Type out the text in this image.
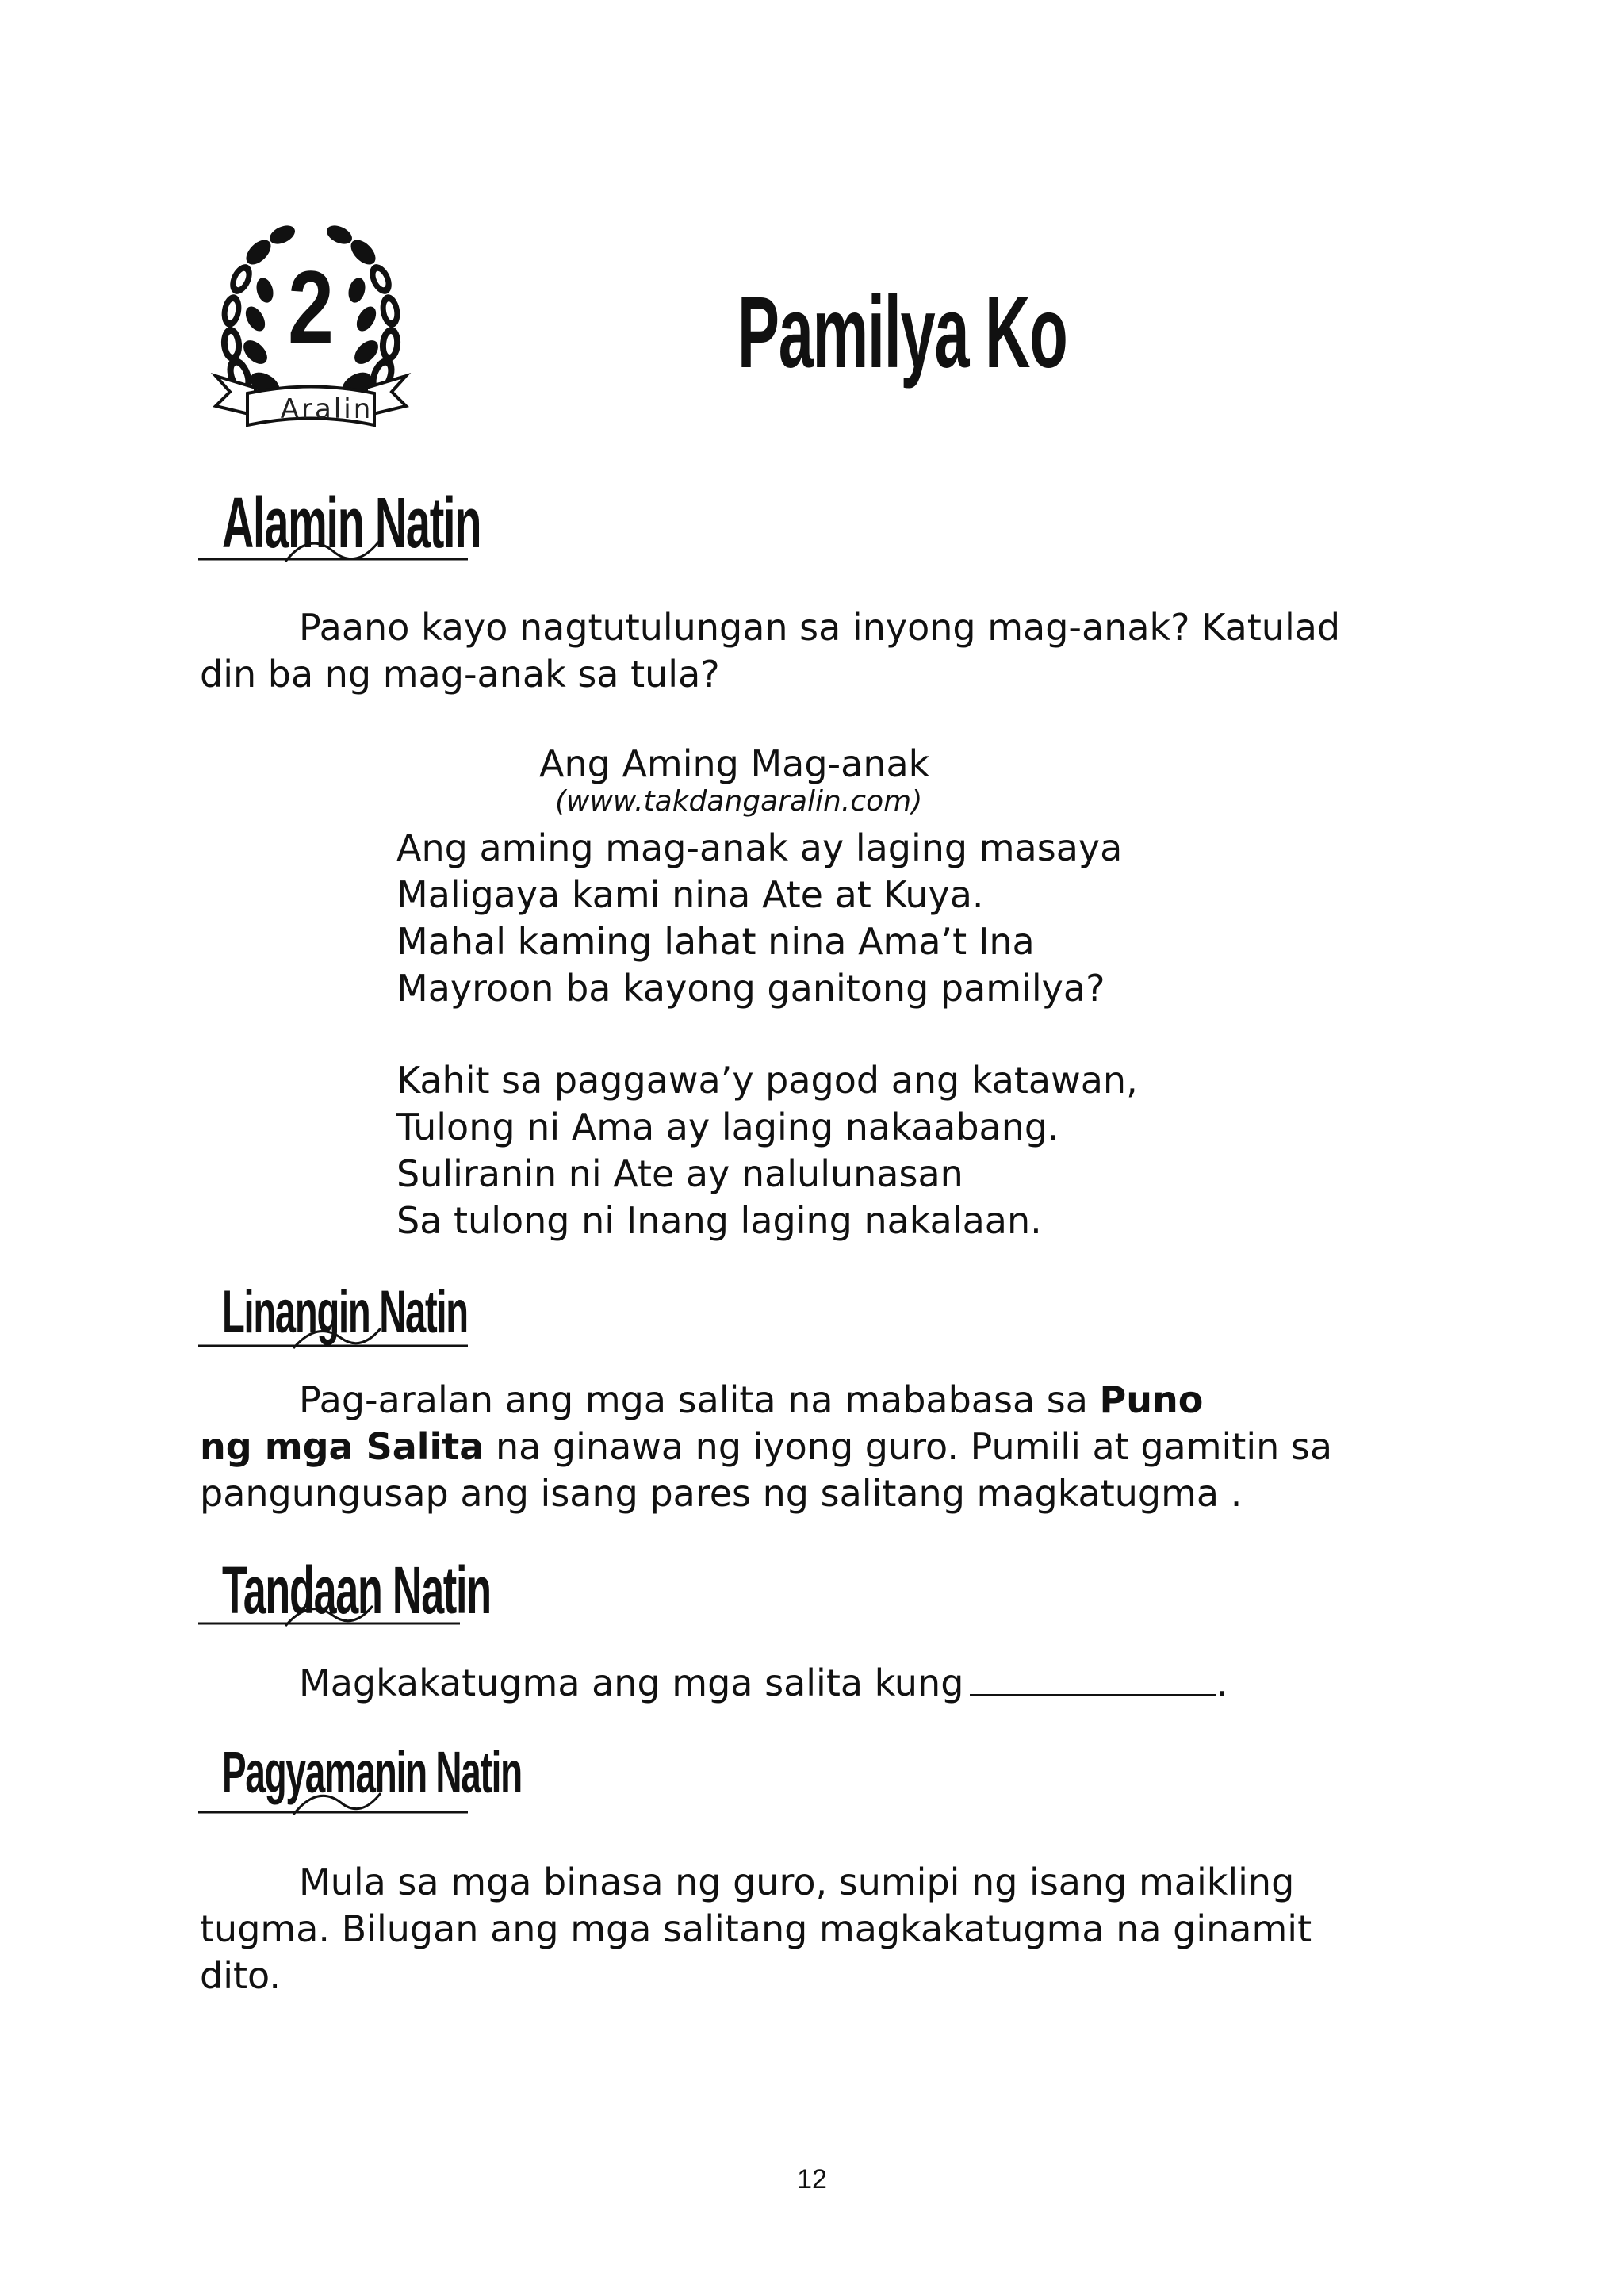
2
Aralin
Pamilya Ko
Alamin Natin
Paano kayo nagtutulungan sa inyong mag-anak? Katulad
din ba ng mag-anak sa tula?
Ang Aming Mag-anak
(www.takdangaralin.com)
Ang aming mag-anak ay laging masaya
Maligaya kami nina Ate at Kuya.
Mahal kaming lahat nina Ama’t Ina
Mayroon ba kayong ganitong pamilya?
Kahit sa paggawa’y pagod ang katawan,
Tulong ni Ama ay laging nakaabang.
Suliranin ni Ate ay nalulunasan
Sa tulong ni Inang laging nakalaan.
Linangin Natin
Pag-aralan ang mga salita na mababasa sa Puno
ng mga Salita na ginawa ng iyong guro. Pumili at gamitin sa
pangungusap ang isang pares ng salitang magkatugma .
Tandaan Natin
Magkakatugma ang mga salita kung	.
Pagyamanin Natin
Mula sa mga binasa ng guro, sumipi ng isang maikling
tugma. Bilugan ang mga salitang magkakatugma na ginamit
dito.
12
